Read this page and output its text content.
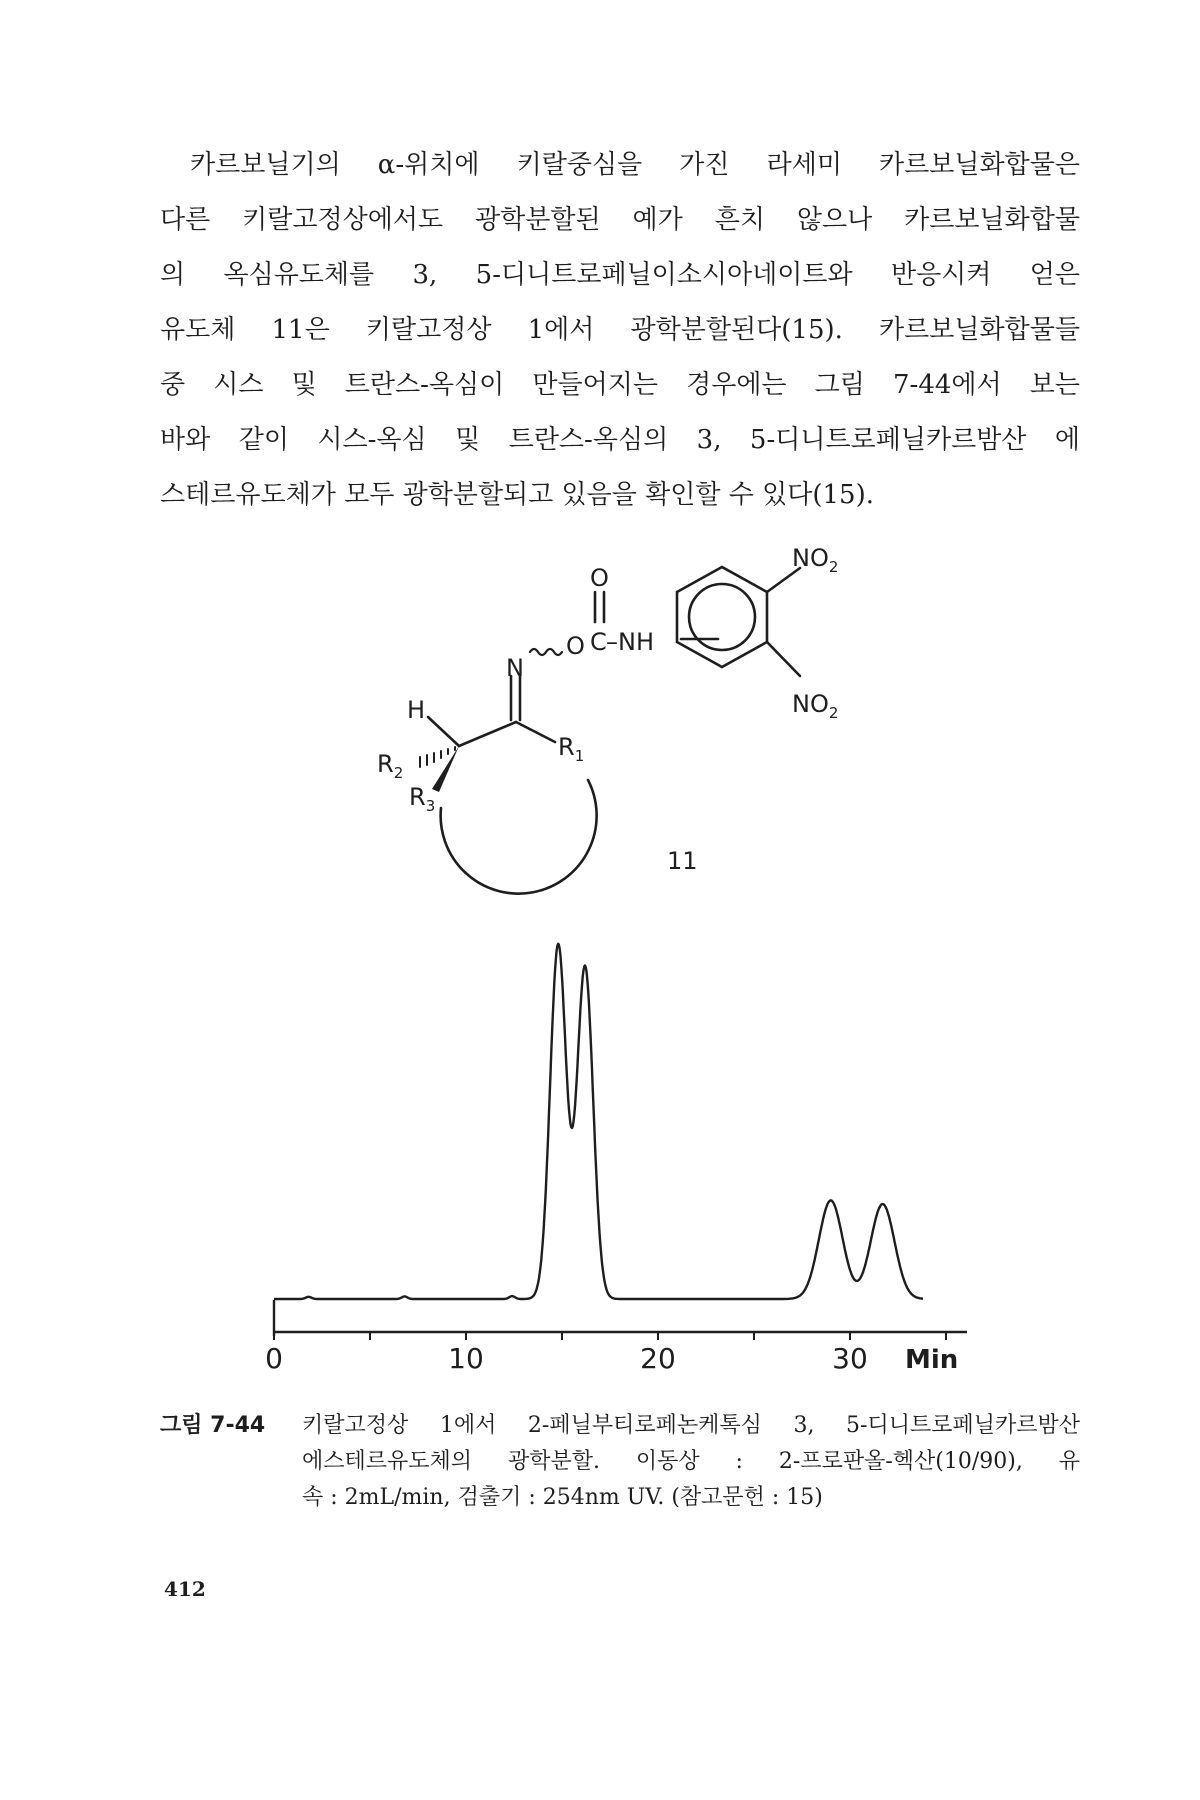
카르보닐기의 α-위치에 키랄중심을 가진 라세미 카르보닐화합물은
다른 키랄고정상에서도 광학분할된 예가 흔치 않으나 카르보닐화합물
의 옥심유도체를 3, 5-디니트로페닐이소시아네이트와 반응시켜 얻은
유도체 11은 키랄고정상 1에서 광학분할된다(15). 카르보닐화합물들
중 시스 및 트란스-옥심이 만들어지는 경우에는 그림 7-44에서 보는
바와 같이 시스-옥심 및 트란스-옥심의 3, 5-디니트로페닐카르밤산 에
스테르유도체가 모두 광학분할되고 있음을 확인할 수 있다(15).
$NO_2$
$NO_2$
O
C –NH
O
N
H
$R_1$
$R_2$
$R_3$
11
0	10	20	30 Min
그림 7-44 키랄고정상 1에서 2-페닐부티로페논케톡심 3, 5-디니트로페닐카르밤산
에스테르유도체의 광학분할. 이동상 : 2-프로판올-헥산(10/90), 유
속 : 2mL/min, 검출기 : 254nm UV. (참고문헌 : 15)
412
